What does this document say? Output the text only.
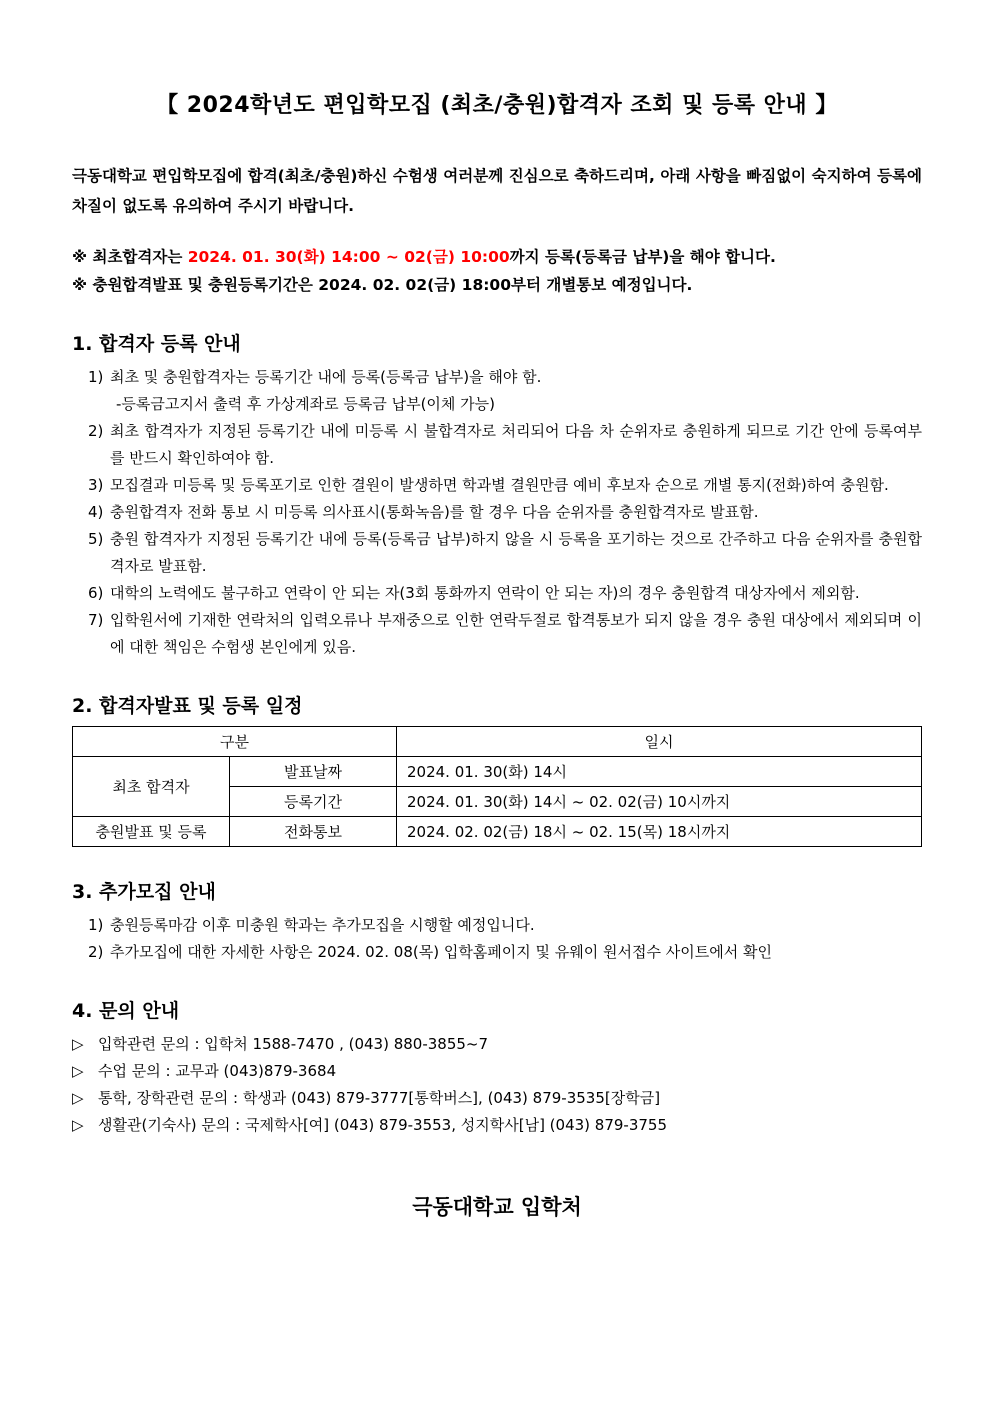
【 2024학년도 편입학모집 (최초/충원)합격자 조회 및 등록 안내 】

극동대학교 편입학모집에 합격(최초/충원)하신 수험생 여러분께 진심으로 축하드리며, 아래 사항을 빠짐없이 숙지하여 등록에 차질이 없도록 유의하여 주시기 바랍니다.

※ 최초합격자는 2024. 01. 30(화) 14:00 ~ 02(금) 10:00까지 등록(등록금 납부)을 해야 합니다.

※ 충원합격발표 및 충원등록기간은 2024. 02. 02(금) 18:00부터 개별통보 예정입니다.

1. 합격자 등록 안내
1) 최초 및 충원합격자는 등록기간 내에 등록(등록금 납부)을 해야 함.
-등록금고지서 출력 후 가상계좌로 등록금 납부(이체 가능)
2) 최초 합격자가 지정된 등록기간 내에 미등록 시 불합격자로 처리되어 다음 차 순위자로 충원하게 되므로 기간 안에 등록여부를 반드시 확인하여야 함.
3) 모집결과 미등록 및 등록포기로 인한 결원이 발생하면 학과별 결원만큼 예비 후보자 순으로 개별 통지(전화)하여 충원함.
4) 충원합격자 전화 통보 시 미등록 의사표시(통화녹음)를 할 경우 다음 순위자를 충원합격자로 발표함.
5) 충원 합격자가 지정된 등록기간 내에 등록(등록금 납부)하지 않을 시 등록을 포기하는 것으로 간주하고 다음 순위자를 충원합격자로 발표함.
6) 대학의 노력에도 불구하고 연락이 안 되는 자(3회 통화까지 연락이 안 되는 자)의 경우 충원합격 대상자에서 제외함.
7) 입학원서에 기재한 연락처의 입력오류나 부재중으로 인한 연락두절로 합격통보가 되지 않을 경우 충원 대상에서 제외되며 이에 대한 책임은 수험생 본인에게 있음.
2. 합격자발표 및 등록 일정
구분		일시
최초 합격자	발표날짜	2024. 01. 30(화) 14시
	등록기간	2024. 01. 30(화) 14시 ~ 02. 02(금) 10시까지
충원발표 및 등록	전화통보	2024. 02. 02(금) 18시 ~ 02. 15(목) 18시까지
3. 추가모집 안내
1) 충원등록마감 이후 미충원 학과는 추가모집을 시행할 예정입니다.
2) 추가모집에 대한 자세한 사항은 2024. 02. 08(목) 입학홈페이지 및 유웨이 원서접수 사이트에서 확인
4. 문의 안내
▷ 입학관련 문의 : 입학처 1588-7470 , (043) 880-3855~7
▷ 수업 문의 : 교무과 (043)879-3684
▷ 통학, 장학관련 문의 : 학생과 (043) 879-3777[통학버스], (043) 879-3535[장학금]
▷ 생활관(기숙사) 문의 : 국제학사[여] (043) 879-3553, 성지학사[남] (043) 879-3755
극동대학교 입학처
